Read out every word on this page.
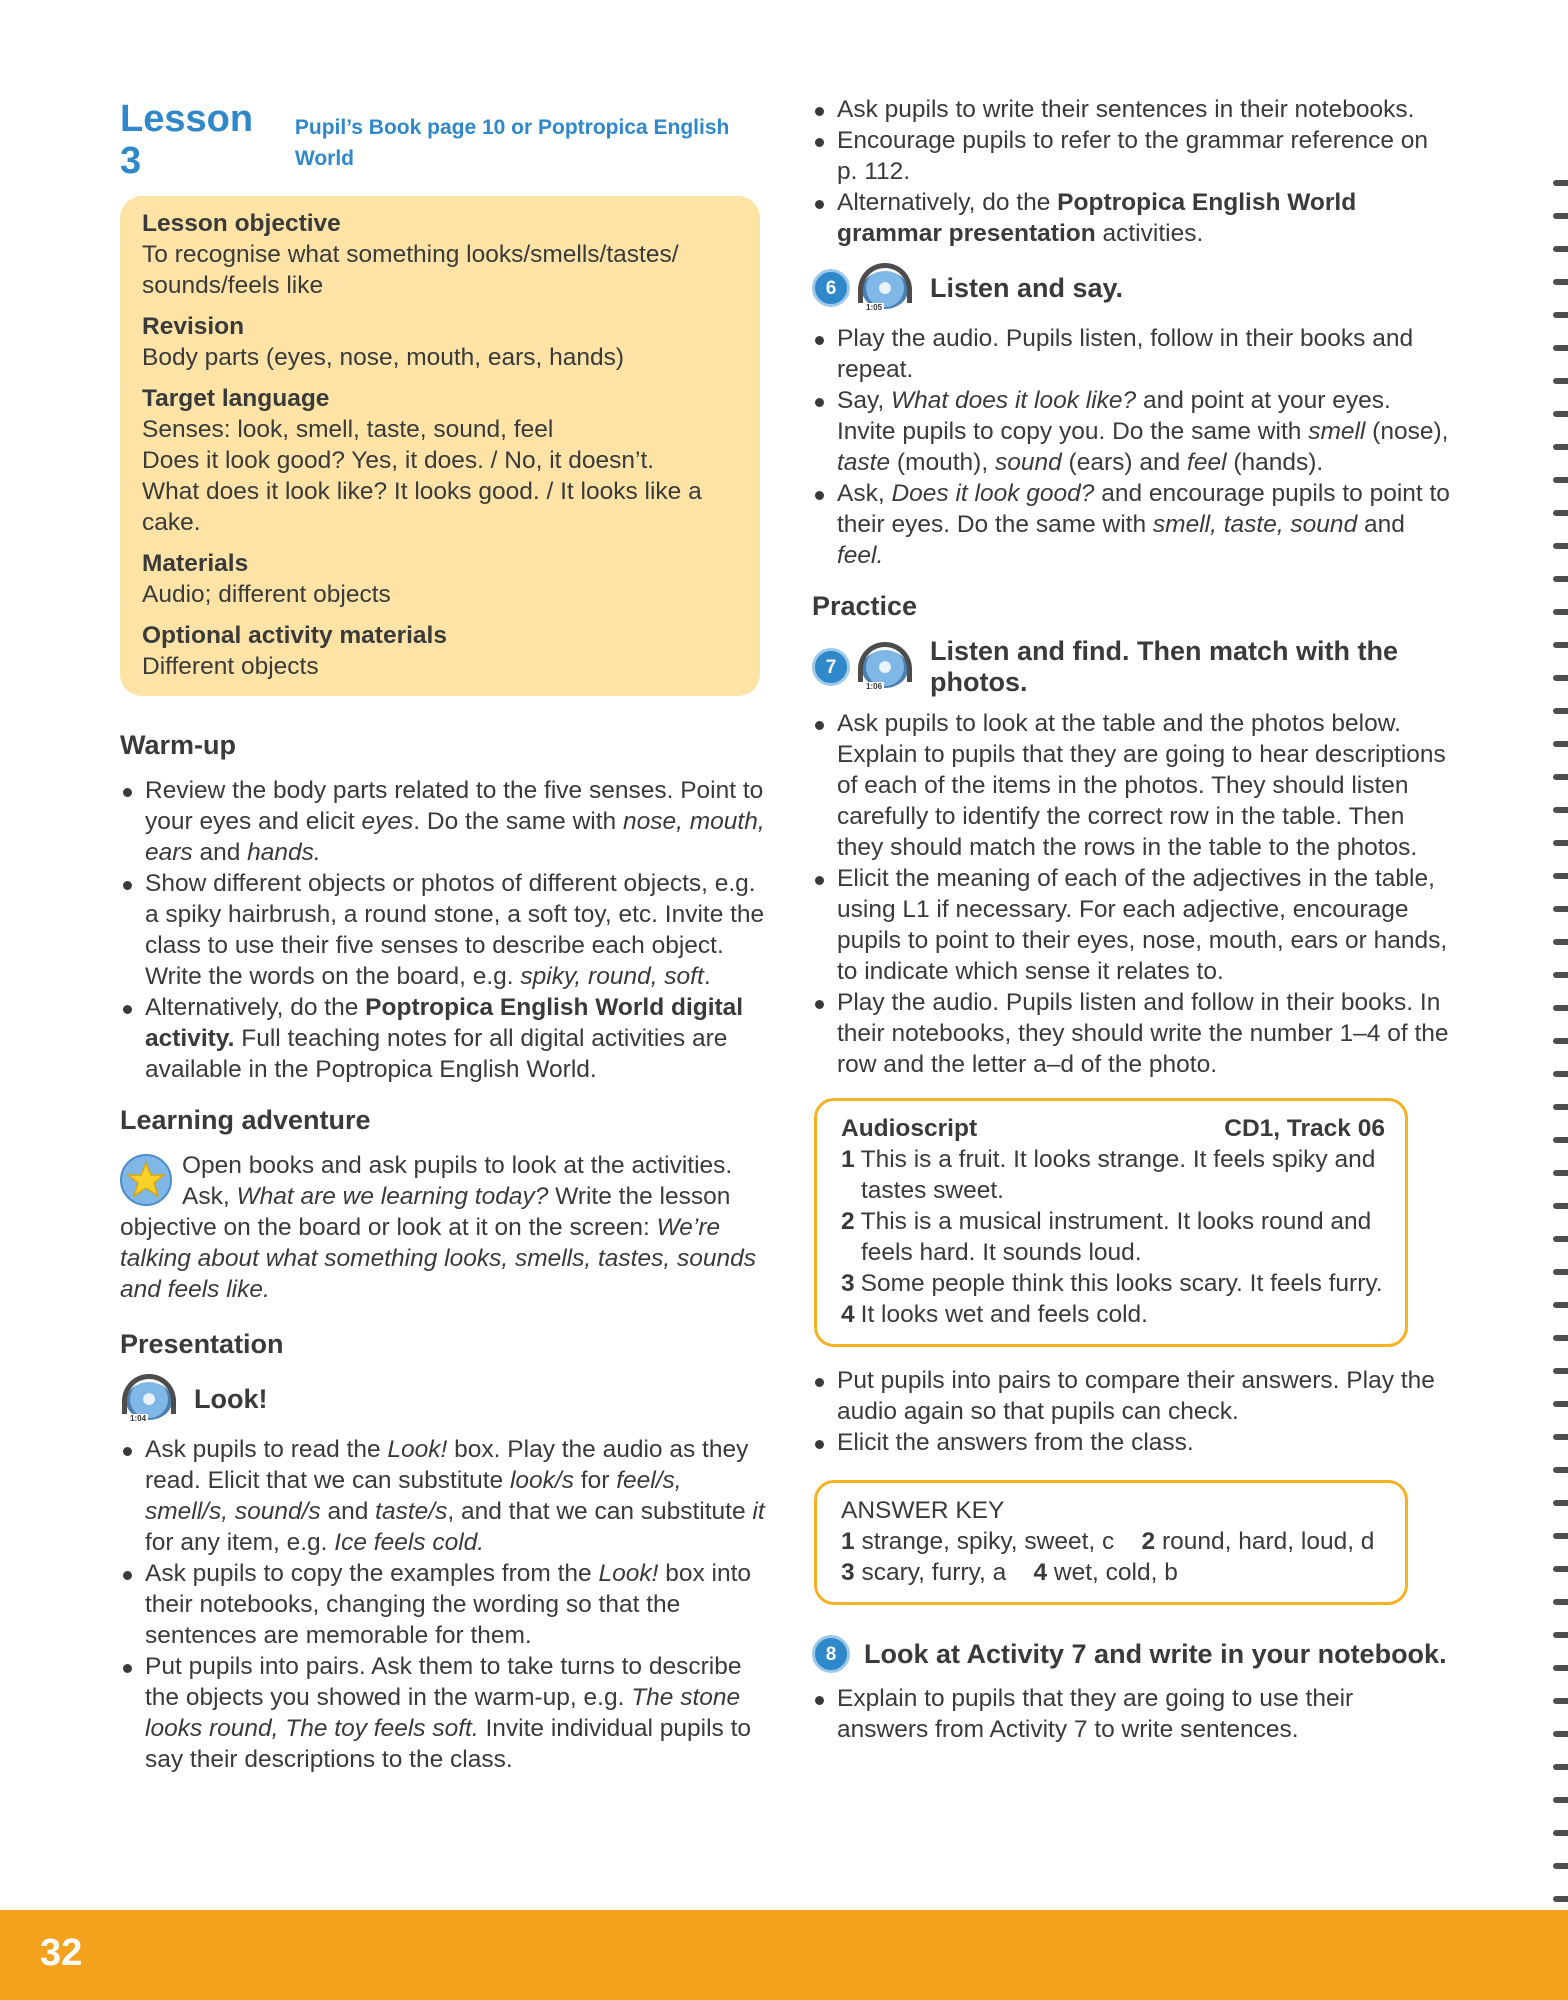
Lesson 3
Pupil’s Book page 10 or Poptropica English World
Lesson objective

To recognise what something looks/smells/tastes/ sounds/feels like

Revision

Body parts (eyes, nose, mouth, ears, hands)

Target language

Senses: look, smell, taste, sound, feel

Does it look good? Yes, it does. / No, it doesn’t.

What does it look like? It looks good. / It looks like a cake.

Materials

Audio; different objects

Optional activity materials

Different objects

Warm-up
Review the body parts related to the five senses. Point to your eyes and elicit eyes. Do the same with nose, mouth, ears and hands.
Show different objects or photos of different objects, e.g. a spiky hairbrush, a round stone, a soft toy, etc. Invite the class to use their five senses to describe each object. Write the words on the board, e.g. spiky, round, soft.
Alternatively, do the Poptropica English World digital activity. Full teaching notes for all digital activities are available in the Poptropica English World.
Learning adventure
Open books and ask pupils to look at the activities. Ask, What are we learning today? Write the lesson objective on the board or look at it on the screen: We’re talking about what something looks, smells, tastes, sounds and feels like.
Presentation
1:04
Look!
Ask pupils to read the Look! box. Play the audio as they read. Elicit that we can substitute look/s for feel/s, smell/s, sound/s and taste/s, and that we can substitute it for any item, e.g. Ice feels cold.
Ask pupils to copy the examples from the Look! box into their notebooks, changing the wording so that the sentences are memorable for them.
Put pupils into pairs. Ask them to take turns to describe the objects you showed in the warm-up, e.g. The stone looks round, The toy feels soft. Invite individual pupils to say their descriptions to the class.
Ask pupils to write their sentences in their notebooks.
Encourage pupils to refer to the grammar reference on p. 112.
Alternatively, do the Poptropica English World grammar presentation activities.
6
1:05
Listen and say.
Play the audio. Pupils listen, follow in their books and repeat.
Say, What does it look like? and point at your eyes. Invite pupils to copy you. Do the same with smell (nose), taste (mouth), sound (ears) and feel (hands).
Ask, Does it look good? and encourage pupils to point to their eyes. Do the same with smell, taste, sound and feel.
Practice
7
1:06
Listen and find. Then match with the photos.
Ask pupils to look at the table and the photos below. Explain to pupils that they are going to hear descriptions of each of the items in the photos. They should listen carefully to identify the correct row in the table. Then they should match the rows in the table to the photos.
Elicit the meaning of each of the adjectives in the table, using L1 if necessary. For each adjective, encourage pupils to point to their eyes, nose, mouth, ears or hands, to indicate which sense it relates to.
Play the audio. Pupils listen and follow in their books. In their notebooks, they should write the number 1–4 of the row and the letter a–d of the photo.
Audioscript	CD1, Track 06
1 This is a fruit. It looks strange. It feels spiky and tastes sweet.
2 This is a musical instrument. It looks round and feels hard. It sounds loud.
3 Some people think this looks scary. It feels furry.
4 It looks wet and feels cold.
Put pupils into pairs to compare their answers. Play the audio again so that pupils can check.
Elicit the answers from the class.
ANSWER KEY
1 strange, spiky, sweet, c 2 round, hard, loud, d
3 scary, furry, a 4 wet, cold, b
8	Look at Activity 7 and write in your notebook.
Explain to pupils that they are going to use their answers from Activity 7 to write sentences.
32
